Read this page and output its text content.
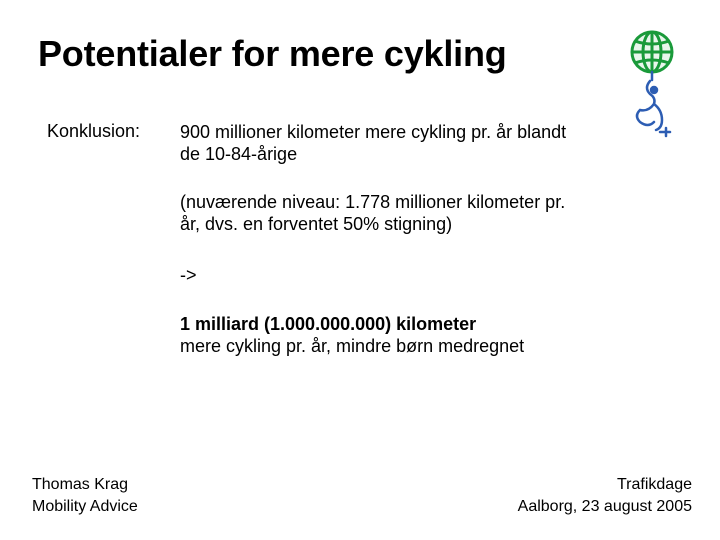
Potentialer for mere cykling
Konklusion: 900 millioner kilometer mere cykling pr. år blandt
de 10-84-årige
(nuværende niveau: 1.778 millioner kilometer pr.
år, dvs. en forventet 50% stigning)
->
1 milliard (1.000.000.000) kilometer
mere cykling pr. år, mindre børn medregnet
Thomas Krag
Mobility Advice
Trafikdage
Aalborg, 23 august 2005
